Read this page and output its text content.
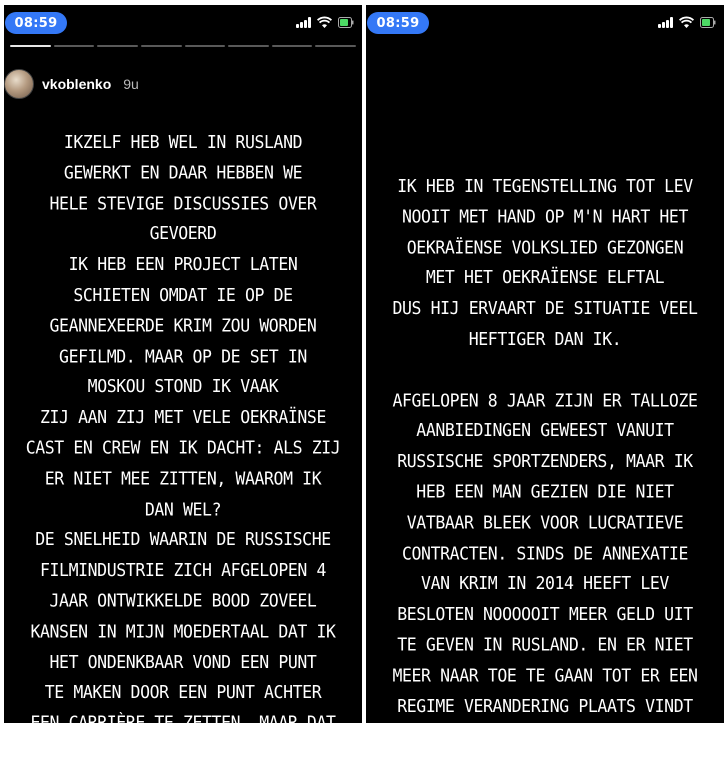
08:59
vkoblenko 9u
IKZELF HEB WEL IN RUSLAND
GEWERKT EN DAAR HEBBEN WE
HELE STEVIGE DISCUSSIES OVER
GEVOERD
IK HEB EEN PROJECT LATEN
SCHIETEN OMDAT IE OP DE
GEANNEXEERDE KRIM ZOU WORDEN
GEFILMD. MAAR OP DE SET IN
MOSKOU STOND IK VAAK
ZIJ AAN ZIJ MET VELE OEKRAÏNSE
CAST EN CREW EN IK DACHT: ALS ZIJ
ER NIET MEE ZITTEN, WAAROM IK
DAN WEL?
DE SNELHEID WAARIN DE RUSSISCHE
FILMINDUSTRIE ZICH AFGELOPEN 4
JAAR ONTWIKKELDE BOOD ZOVEEL
KANSEN IN MIJN MOEDERTAAL DAT IK
HET ONDENKBAAR VOND EEN PUNT
TE MAKEN DOOR EEN PUNT ACHTER
EEN CARRIÈRE TE ZETTEN. MAAR DAT
PUNT IS NU WEL BEREIKT
08:59
IK HEB IN TEGENSTELLING TOT LEV
NOOIT MET HAND OP M'N HART HET
OEKRAÏENSE VOLKSLIED GEZONGEN
MET HET OEKRAÏENSE ELFTAL
DUS HIJ ERVAART DE SITUATIE VEEL
HEFTIGER DAN IK.
AFGELOPEN 8 JAAR ZIJN ER TALLOZE
AANBIEDINGEN GEWEEST VANUIT
RUSSISCHE SPORTZENDERS, MAAR IK
HEB EEN MAN GEZIEN DIE NIET
VATBAAR BLEEK VOOR LUCRATIEVE
CONTRACTEN. SINDS DE ANNEXATIE
VAN KRIM IN 2014 HEEFT LEV
BESLOTEN NOOOOOIT MEER GELD UIT
TE GEVEN IN RUSLAND. EN ER NIET
MEER NAAR TOE TE GAAN TOT ER EEN
REGIME VERANDERING PLAATS VINDT
